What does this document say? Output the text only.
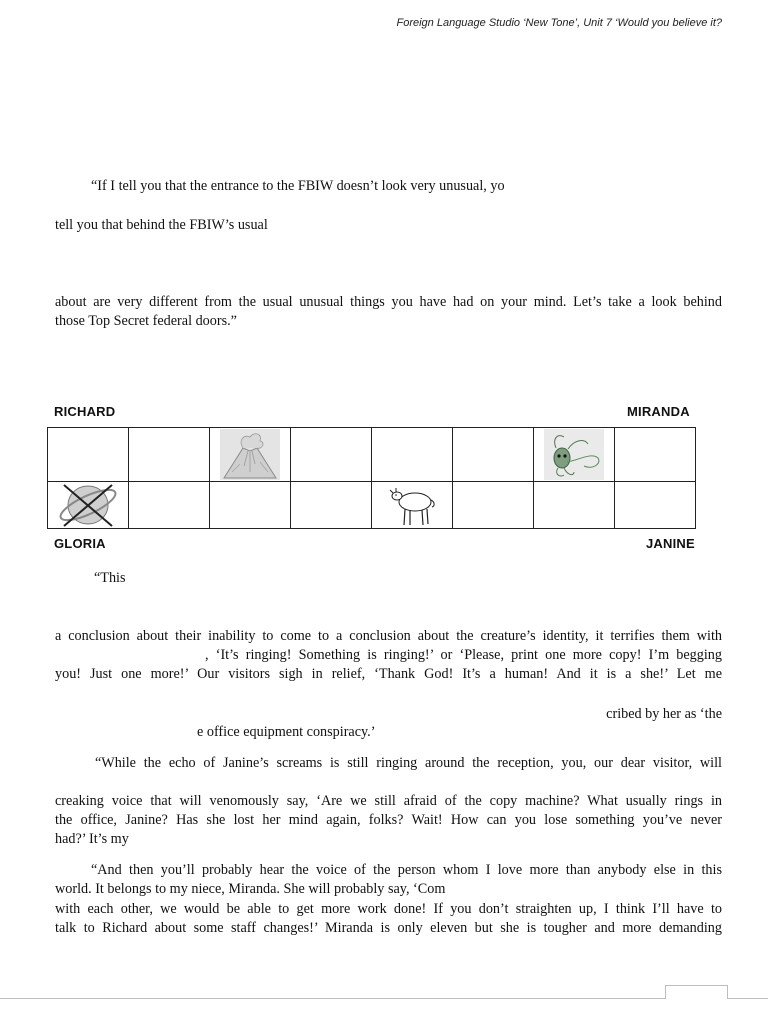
Foreign Language Studio ‘New Tone’, Unit 7 ‘Would you believe it?
“If I tell you that the entrance to the FBIW doesn’t look very unusual, yo
tell you that behind the FBIW’s usual
about are very different from the usual unusual things you have had on your mind. Let’s take a look behind
those Top Secret federal doors.”
RICHARD	MIRANDA
GLORIA	JANINE

“This
a conclusion about their inability to come to a conclusion about the creature’s identity, it terrifies them with
, ‘It’s ringing! Something is ringing!’ or ‘Please, print one more copy! I’m begging
you! Just one more!’ Our visitors sigh in relief, ‘Thank God! It’s a human! And it is a she!’ Let me
cribed by her as ‘the
e office equipment conspiracy.’
“While the echo of Janine’s screams is still ringing around the reception, you, our dear visitor, will
creaking voice that will venomously say, ‘Are we still afraid of the copy machine? What usually rings in
the office, Janine? Has she lost her mind again, folks? Wait! How can you lose something you’ve never
had?’ It’s my
“And then you’ll probably hear the voice of the person whom I love more than anybody else in this
world. It belongs to my niece, Miranda. She will probably say, ‘Com
with each other, we would be able to get more work done! If you don’t straighten up, I think I’ll have to
talk to Richard about some staff changes!’ Miranda is only eleven but she is tougher and more demanding
